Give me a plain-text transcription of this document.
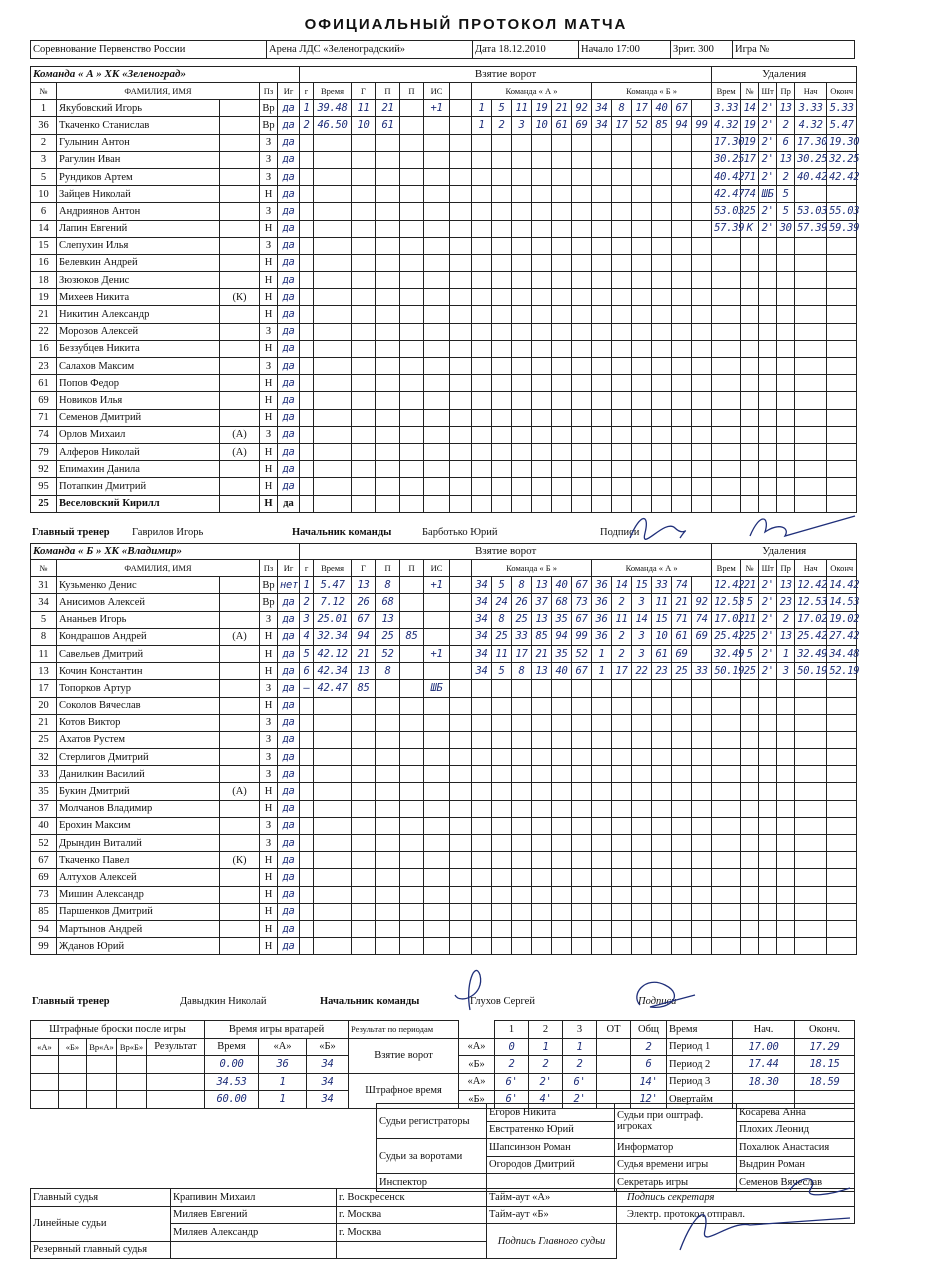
ОФИЦИАЛЬНЫЙ ПРОТОКОЛ МАТЧА
Соревнование Первенство России	Арена ЛДС «Зеленоградский»	Дата 18.12.2010	Начало 17:00	Зрит. 300	Игра №
Команда « А » ХК «Зеленоград»					Взятие ворот																			Удаления					
№	ФАМИЛИЯ, ИМЯ		Пз	Иг	г	Время	Г	П	П	ИС		Команда « А »						Команда « Б »						Врем	№	Шт	Пр	Нач	Оконч
1	Якубовский Игорь		Вр	да	1	39.48	11	21		+1		1	5	11	19	21	92	34	8	17	40	67		3.33	14	2'	13	3.33	5.33
36	Ткаченко Станислав		Вр	да	2	46.50	10	61				1	2	3	10	61	69	34	17	52	85	94	99	4.32	19	2'	2	4.32	5.47
2	Гулынин Антон		З	да																				17.30	19	2'	6	17.30	19.30
3	Рагулин Иван		З	да																				30.25	17	2'	13	30.25	32.25
5	Рундиков Артем		З	да																				40.42	71	2'	2	40.42	42.42
10	Зайцев Николай		Н	да																				42.47	74	ШБ	5		
6	Андриянов Антон		З	да																				53.03	25	2'	5	53.03	55.03
14	Лапин Евгений		Н	да																				57.39	К	2'	30	57.39	59.39
15	Слепухин Илья		З	да																									
16	Белевкин Андрей		Н	да																									
18	Зюзюков Денис		Н	да																									
19	Михеев Никита	(К)	Н	да																									
21	Никитин Александр		Н	да																									
22	Морозов Алексей		З	да																									
16	Беззубцев Никита		Н	да																									
23	Салахов Максим		З	да																									
61	Попов Федор		Н	да																									
69	Новиков Илья		Н	да																									
71	Семенов Дмитрий		Н	да																									
74	Орлов Михаил	(А)	З	да																									
79	Алферов Николай	(А)	Н	да																									
92	Епимахин Данила		Н	да																									
95	Потапкин Дмитрий		Н	да																									
25	Веселовский Кирилл		Н	да																									
Главный тренер	Гаврилов Игорь	Начальник команды	Барботько Юрий	Подписи
Команда « Б » ХК «Владимир»					Взятие ворот																			Удаления					
№	ФАМИЛИЯ, ИМЯ		Пз	Иг	г	Время	Г	П	П	ИС		Команда « Б »						Команда « А »						Врем	№	Шт	Пр	Нач	Оконч
31	Кузьменко Денис		Вр	нет	1	5.47	13	8		+1		34	5	8	13	40	67	36	14	15	33	74		12.42	21	2'	13	12.42	14.42
34	Анисимов Алексей		Вр	да	2	7.12	26	68				34	24	26	37	68	73	36	2	3	11	21	92	12.53	5	2'	23	12.53	14.53
5	Ананьев Игорь		З	да	3	25.01	67	13				34	8	25	13	35	67	36	11	14	15	71	74	17.02	11	2'	2	17.02	19.02
8	Кондрашов Андрей	(А)	Н	да	4	32.34	94	25	85			34	25	33	85	94	99	36	2	3	10	61	69	25.42	25	2'	13	25.42	27.42
11	Савельев Дмитрий		Н	да	5	42.12	21	52		+1		34	11	17	21	35	52	1	2	3	61	69		32.49	5	2'	1	32.49	34.48
13	Кочин Константин		Н	да	6	42.34	13	8				34	5	8	13	40	67	1	17	22	23	25	33	50.19	25	2'	3	50.19	52.19
17	Топорков Артур		З	да	—	42.47	85			ШБ																			
20	Соколов Вячеслав		Н	да																									
21	Котов Виктор		З	да																									
25	Ахатов Рустем		З	да																									
32	Стерлигов Дмитрий		З	да																									
33	Данилкин Василий		З	да																									
35	Букин Дмитрий	(А)	Н	да																									
37	Молчанов Владимир		Н	да																									
40	Ерохин Максим		З	да																									
52	Дрындин Виталий		З	да																									
67	Ткаченко Павел	(К)	Н	да																									
69	Алтухов Алексей		Н	да																									
73	Мишин Александр		Н	да																									
85	Паршенков Дмитрий		Н	да																									
94	Мартынов Андрей		Н	да																									
99	Жданов Юрий		Н	да																									
Главный тренер	Давыдкин Николай	Начальник команды	Глухов Сергей	Подписи
Штрафные броски после игры					Время игры вратарей			Результат по периодам		1	2	3	ОТ	Общ	Время	Нач.	Оконч.
«А»	«Б»	Вр«А»	Вр«Б»	Результат	Время	«А»	«Б»	Взятие ворот	«А»	0	1	1		2	Период 1	17.00	17.29
					0.00	36	34		«Б»	2	2	2		6	Период 2	17.44	18.15
					34.53	1	34	Штрафное время	«А»	6'	2'	6'		14'	Период 3	18.30	18.59
					60.00	1	34		«Б»	6'	4'	2'		12'	Овертайм		
Судьи регистраторы	Егоров Никита	Судьи при оштраф. игроках	Косарева Анна
	Евстратенко Юрий		Плохих Леонид
Судьи за воротами	Шапсинзон Роман	Информатор	Похалюк Анастасия
	Огородов Дмитрий	Судья времени игры	Выдрин Роман
Инспектор		Секретарь игры	Семенов Вячеслав
Главный судья	Крапивин Михаил	г. Воскресенск	Тайм-аут «А»	Подпись секретаря
Линейные судьи	Миляев Евгений	г. Москва	Тайм-аут «Б»	Электр. протокол отправл.
	Миляев Александр	г. Москва	Подпись Главного судьи	
Резервный главный судья				
